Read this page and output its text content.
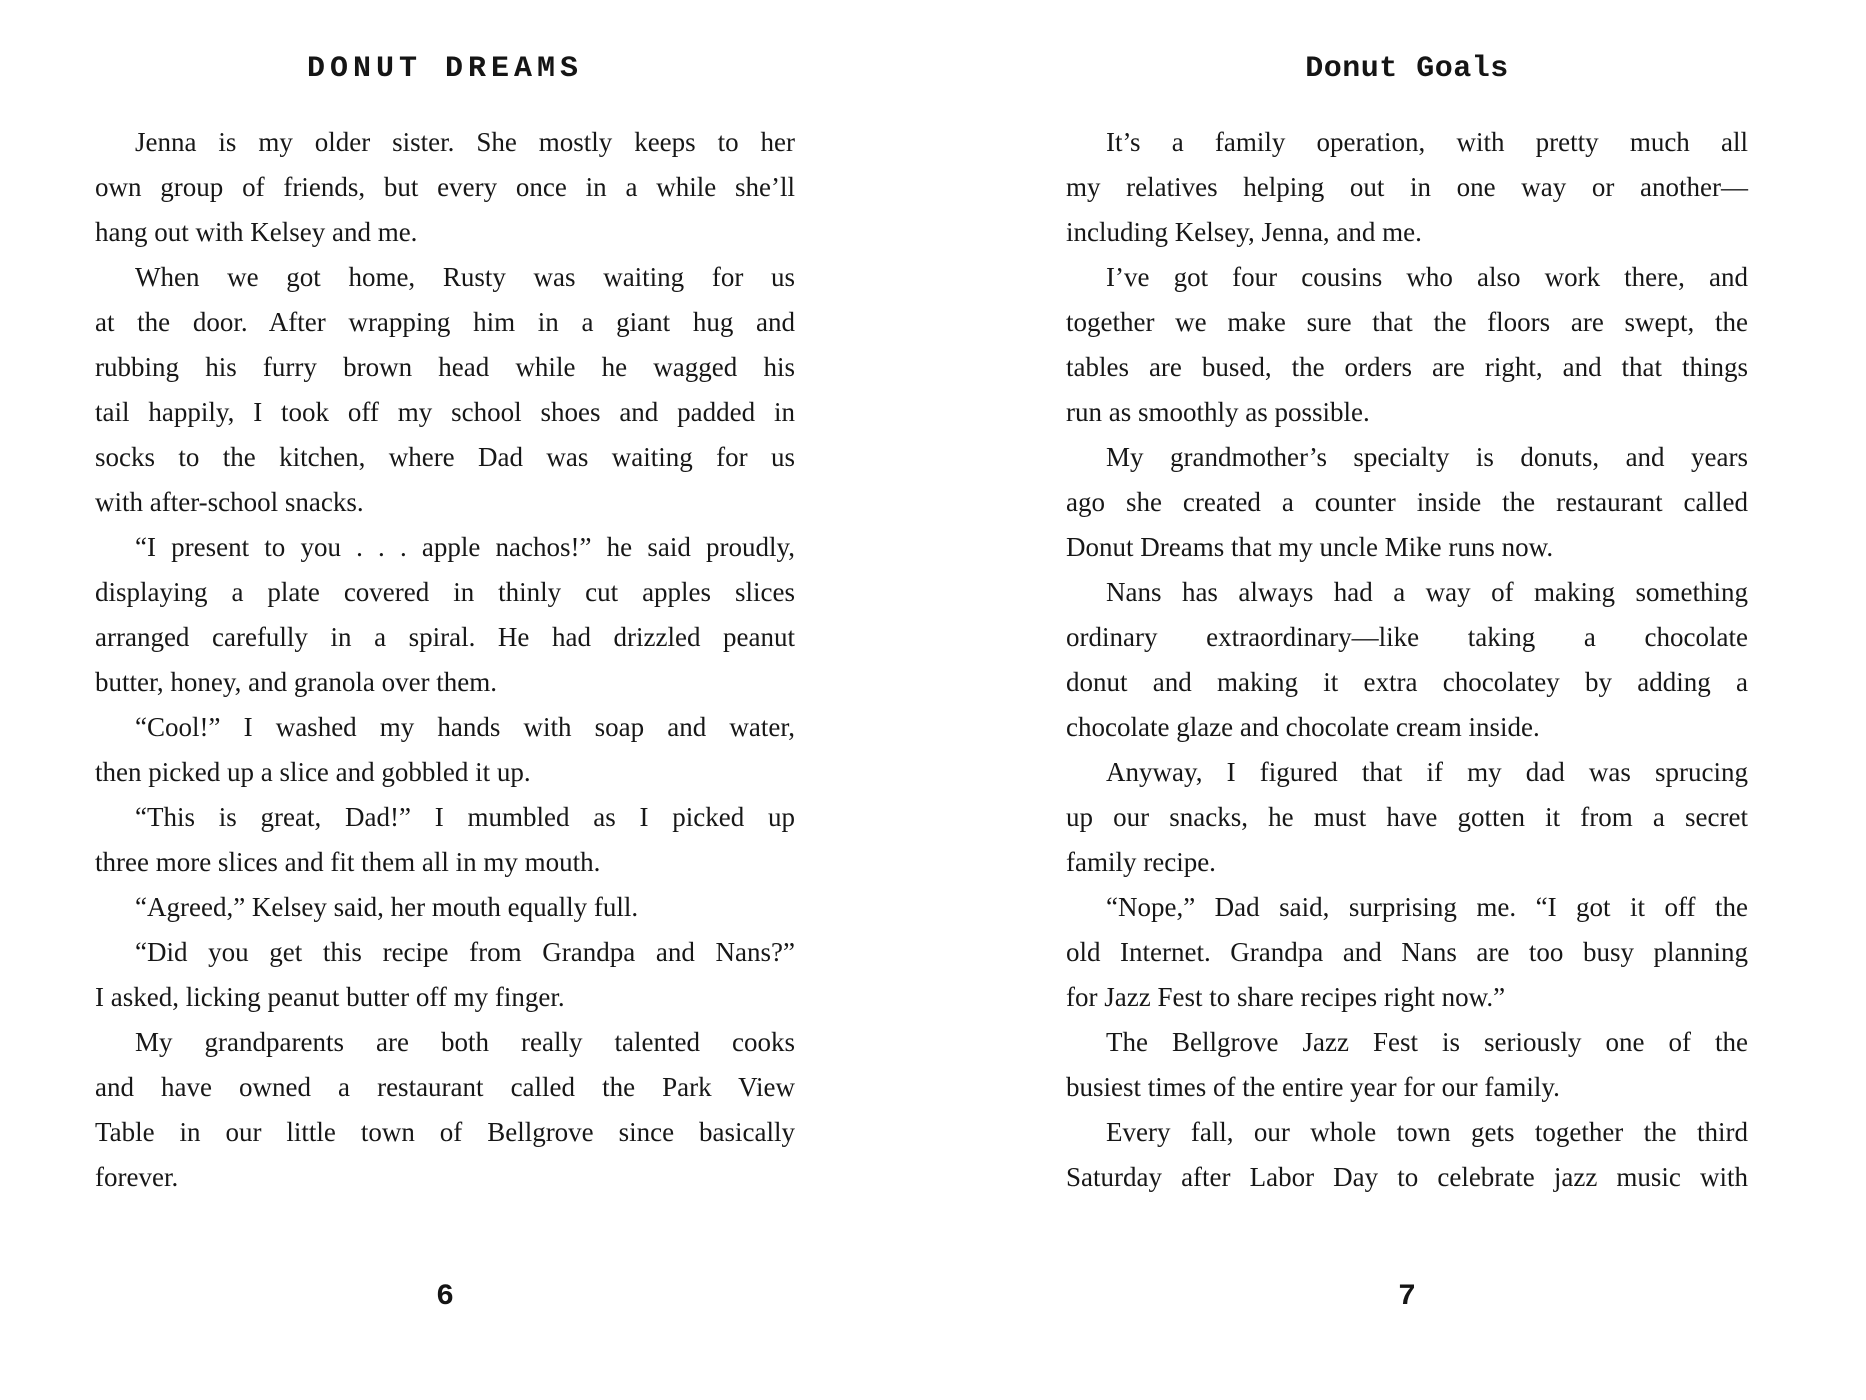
DONUT DREAMS
Jenna is my older sister. She mostly keeps to her
own group of friends, but every once in a while she’ll
hang out with Kelsey and me.
When we got home, Rusty was waiting for us
at the door. After wrapping him in a giant hug and
rubbing his furry brown head while he wagged his
tail happily, I took off my school shoes and padded in
socks to the kitchen, where Dad was waiting for us
with after-school snacks.
“I present to you . . . apple nachos!” he said proudly,
displaying a plate covered in thinly cut apples slices
arranged carefully in a spiral. He had drizzled peanut
butter, honey, and granola over them.
“Cool!” I washed my hands with soap and water,
then picked up a slice and gobbled it up.
“This is great, Dad!” I mumbled as I picked up
three more slices and fit them all in my mouth.
“Agreed,” Kelsey said, her mouth equally full.
“Did you get this recipe from Grandpa and Nans?”
I asked, licking peanut butter off my finger.
My grandparents are both really talented cooks
and have owned a restaurant called the Park View
Table in our little town of Bellgrove since basically
forever.
6
Donut Goals
It’s a family operation, with pretty much all
my relatives helping out in one way or another—
including Kelsey, Jenna, and me.
I’ve got four cousins who also work there, and
together we make sure that the floors are swept, the
tables are bused, the orders are right, and that things
run as smoothly as possible.
My grandmother’s specialty is donuts, and years
ago she created a counter inside the restaurant called
Donut Dreams that my uncle Mike runs now.
Nans has always had a way of making something
ordinary extraordinary—like taking a chocolate
donut and making it extra chocolatey by adding a
chocolate glaze and chocolate cream inside.
Anyway, I figured that if my dad was sprucing
up our snacks, he must have gotten it from a secret
family recipe.
“Nope,” Dad said, surprising me. “I got it off the
old Internet. Grandpa and Nans are too busy planning
for Jazz Fest to share recipes right now.”
The Bellgrove Jazz Fest is seriously one of the
busiest times of the entire year for our family.
Every fall, our whole town gets together the third
Saturday after Labor Day to celebrate jazz music with
7
